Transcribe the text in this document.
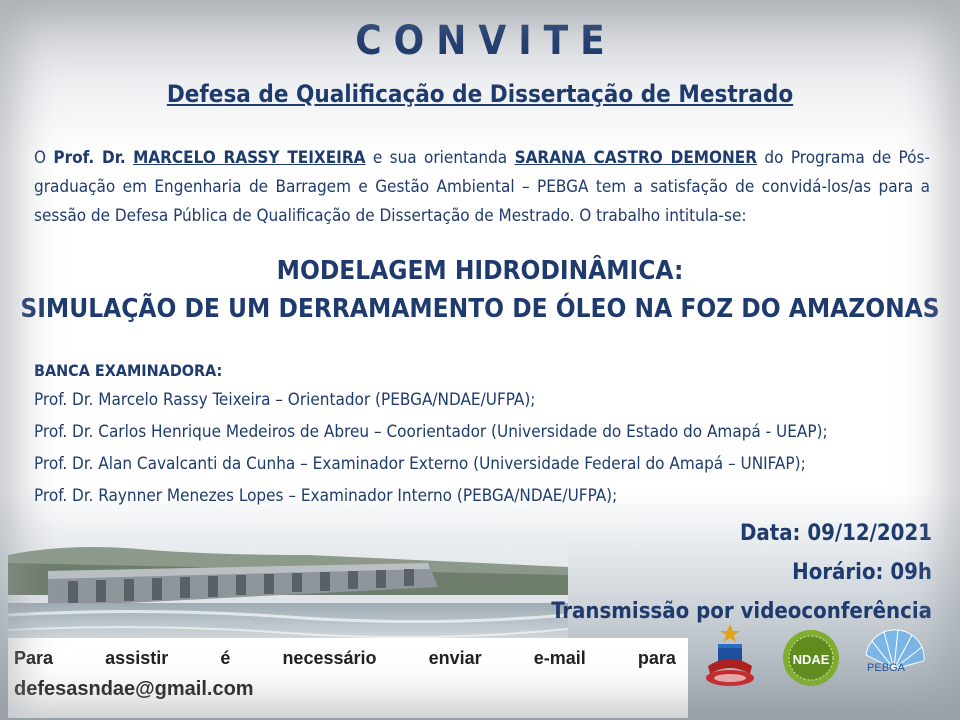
CONVITE
Defesa de Qualificação de Dissertação de Mestrado
O Prof. Dr. MARCELO RASSY TEIXEIRA e sua orientanda SARANA CASTRO DEMONER do Programa de Pós-graduação em Engenharia de Barragem e Gestão Ambiental – PEBGA tem a satisfação de convidá-los/as para a sessão de Defesa Pública de Qualificação de Dissertação de Mestrado. O trabalho intitula-se:
MODELAGEM HIDRODINÂMICA:
SIMULAÇÃO DE UM DERRAMAMENTO DE ÓLEO NA FOZ DO AMAZONAS
BANCA EXAMINADORA:
Prof. Dr. Marcelo Rassy Teixeira – Orientador (PEBGA/NDAE/UFPA);
Prof. Dr. Carlos Henrique Medeiros de Abreu – Coorientador (Universidade do Estado do Amapá - UEAP);
Prof. Dr. Alan Cavalcanti da Cunha – Examinador Externo (Universidade Federal do Amapá – UNIFAP);
Prof. Dr. Raynner Menezes Lopes – Examinador Interno (PEBGA/NDAE/UFPA);
Data: 09/12/2021
Horário: 09h
Transmissão por videoconferência
Para	assistir	é	necessário	enviar	e-mail	para
defesasndae@gmail.com
NDAE
PEBGA
